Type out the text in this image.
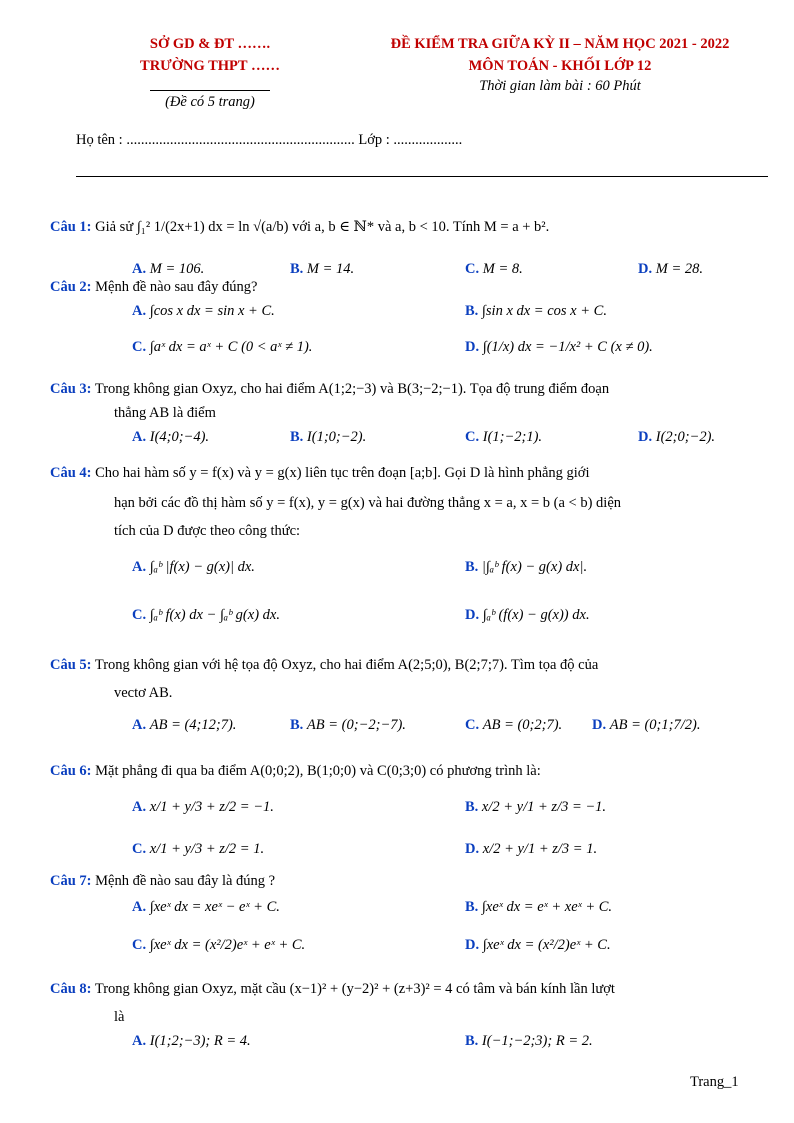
SỞ GD & ĐT …….
TRƯỜNG THPT ……
(Đề có 5 trang)
ĐỀ KIỂM TRA GIỮA KỲ II – NĂM HỌC 2021 - 2022
MÔN TOÁN - KHỐI LỚP 12
Thời gian làm bài : 60 Phút
Họ tên : ............................................................... Lớp : ...................
Câu 1: Giả sử ∫₁² 1/(2x+1) dx = ln √(a/b) với a, b ∈ ℕ* và a, b < 10. Tính M = a + b².
A. M = 106.	B. M = 14.	C. M = 8.	D. M = 28.
Câu 2: Mệnh đề nào sau đây đúng?
A. ∫cos x dx = sin x + C.	B. ∫sin x dx = cos x + C.
C. ∫aˣ dx = aˣ + C (0 < aˣ ≠ 1).	D. ∫(1/x) dx = −1/x² + C (x ≠ 0).
Câu 3: Trong không gian Oxyz, cho hai điểm A(1;2;−3) và B(3;−2;−1). Tọa độ trung điểm đoạn
thẳng AB là điểm
A. I(4;0;−4).	B. I(1;0;−2).	C. I(1;−2;1).	D. I(2;0;−2).
Câu 4: Cho hai hàm số y = f(x) và y = g(x) liên tục trên đoạn [a;b]. Gọi D là hình phẳng giới
hạn bởi các đồ thị hàm số y = f(x), y = g(x) và hai đường thẳng x = a, x = b (a < b) diện
tích của D được theo công thức:
A. ∫ₐᵇ |f(x) − g(x)| dx.	B. |∫ₐᵇ f(x) − g(x) dx|.
C. ∫ₐᵇ f(x) dx − ∫ₐᵇ g(x) dx.	D. ∫ₐᵇ (f(x) − g(x)) dx.
Câu 5: Trong không gian với hệ tọa độ Oxyz, cho hai điểm A(2;5;0), B(2;7;7). Tìm tọa độ của
vectơ AB.
A. AB = (4;12;7).	B. AB = (0;−2;−7).	C. AB = (0;2;7). D. AB = (0;1;7/2).
Câu 6: Mặt phẳng đi qua ba điểm A(0;0;2), B(1;0;0) và C(0;3;0) có phương trình là:
A. x/1 + y/3 + z/2 = −1.	B. x/2 + y/1 + z/3 = −1.
C. x/1 + y/3 + z/2 = 1.	D. x/2 + y/1 + z/3 = 1.
Câu 7: Mệnh đề nào sau đây là đúng ?
A. ∫xeˣ dx = xeˣ − eˣ + C.	B. ∫xeˣ dx = eˣ + xeˣ + C.
C. ∫xeˣ dx = (x²/2)eˣ + eˣ + C.	D. ∫xeˣ dx = (x²/2)eˣ + C.
Câu 8: Trong không gian Oxyz, mặt cầu (x−1)² + (y−2)² + (z+3)² = 4 có tâm và bán kính lần lượt
là
A. I(1;2;−3); R = 4.	B. I(−1;−2;3); R = 2.
Trang_1
